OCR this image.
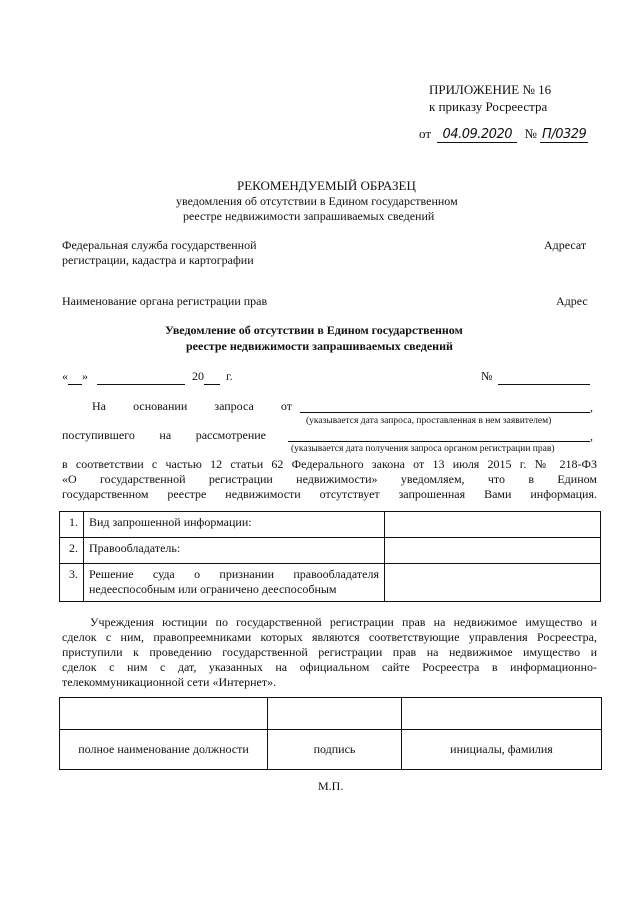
ПРИЛОЖЕНИЕ № 16
к приказу Росреестра
от 04.09.2020 № П/0329
РЕКОМЕНДУЕМЫЙ ОБРАЗЕЦ
уведомления об отсутствии в Едином государственном
реестре недвижимости запрашиваемых сведений
Федеральная служба государственной
регистрации, кадастра и картографии
Адресат
Наименование органа регистрации прав	Адрес
Уведомление об отсутствии в Едином государственном
реестре недвижимости запрашиваемых сведений
« »	20 г.	№
На основании запроса от	,
(указывается дата запроса, проставленная в нем заявителем)
поступившего на рассмотрение	,
(указывается дата получения запроса органом регистрации прав)
в соответствии с частью 12 статьи 62 Федерального закона от 13 июля 2015 г. № 218-ФЗ
«О государственной регистрации недвижимости» уведомляем, что в Едином
государственном реестре недвижимости отсутствует запрошенная Вами информация.
1.	Вид запрошенной информации:	
2.	Правообладатель:	
3.	Решение суда о признании правообладателя
недееспособным или ограничено дееспособным	

Учреждения юстиции по государственной регистрации прав на недвижимое имущество и
сделок с ним, правопреемниками которых являются соответствующие управления Росреестра,
приступили к проведению государственной регистрации прав на недвижимое имущество и
сделок с ним с дат, указанных на официальном сайте Росреестра в информационно-
телекоммуникационной сети «Интернет».

полное наименование должности	подпись	инициалы, фамилия
М.П.
